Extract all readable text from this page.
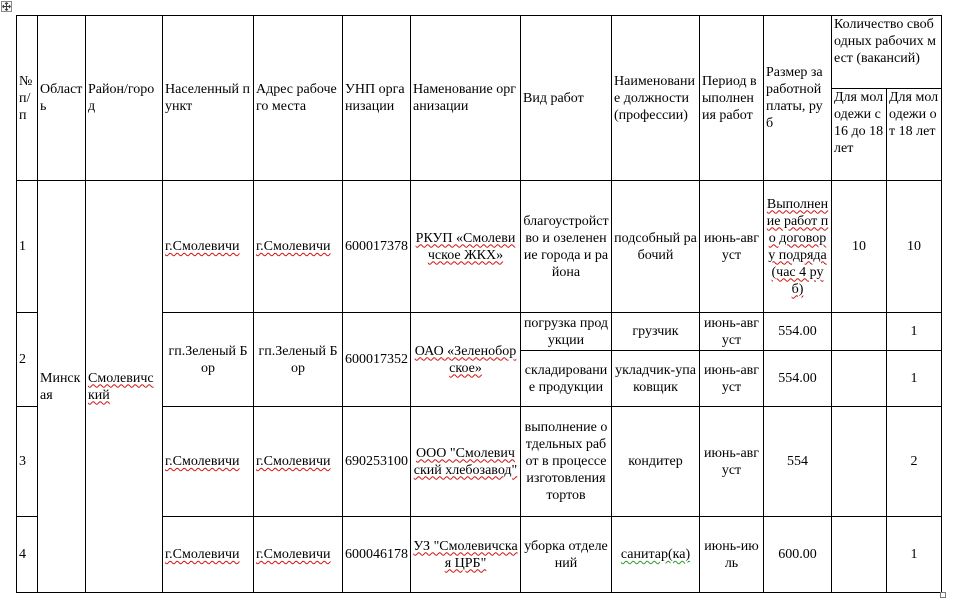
№ п/п	Область	Район/город	Населенный пункт	Адрес рабочего места	УНП организации	Наменование организации	Вид работ	Наименование должности (профессии)	Период выполнения работ	Размер заработной платы, руб	Количество свободных рабочих мест (вакансий)	
											Для молодежи с 16 до 18 лет	Для молодежи от 18 лет
1	Минская	Смолевичский	г.Смолевичи	г.Смолевичи	600017378	РКУП «Смолевичское ЖКХ»	благоустройство и озеленение города и района	подсобный рабочий	июнь-август	Выполнение работ по договору подряда (час 4 руб)	10	10
2			гп.Зеленый Бор	гп.Зеленый Бор	600017352	ОАО «Зеленоборское»	погрузка продукции	грузчик	июнь-август	554.00		1
							складирование продукции	укладчик-упаковщик	июнь-август	554.00		1
3			г.Смолевичи	г.Смолевичи	690253100	ООО "Смолевичский хлебозавод"	выполнение отдельных работ в процессе изготовления тортов	кондитер	июнь-август	554		2
4			г.Смолевичи	г.Смолевичи	600046178	УЗ "Смолевичская ЦРБ"	уборка отделений	санитар(ка)	июнь-июль	600.00		1
